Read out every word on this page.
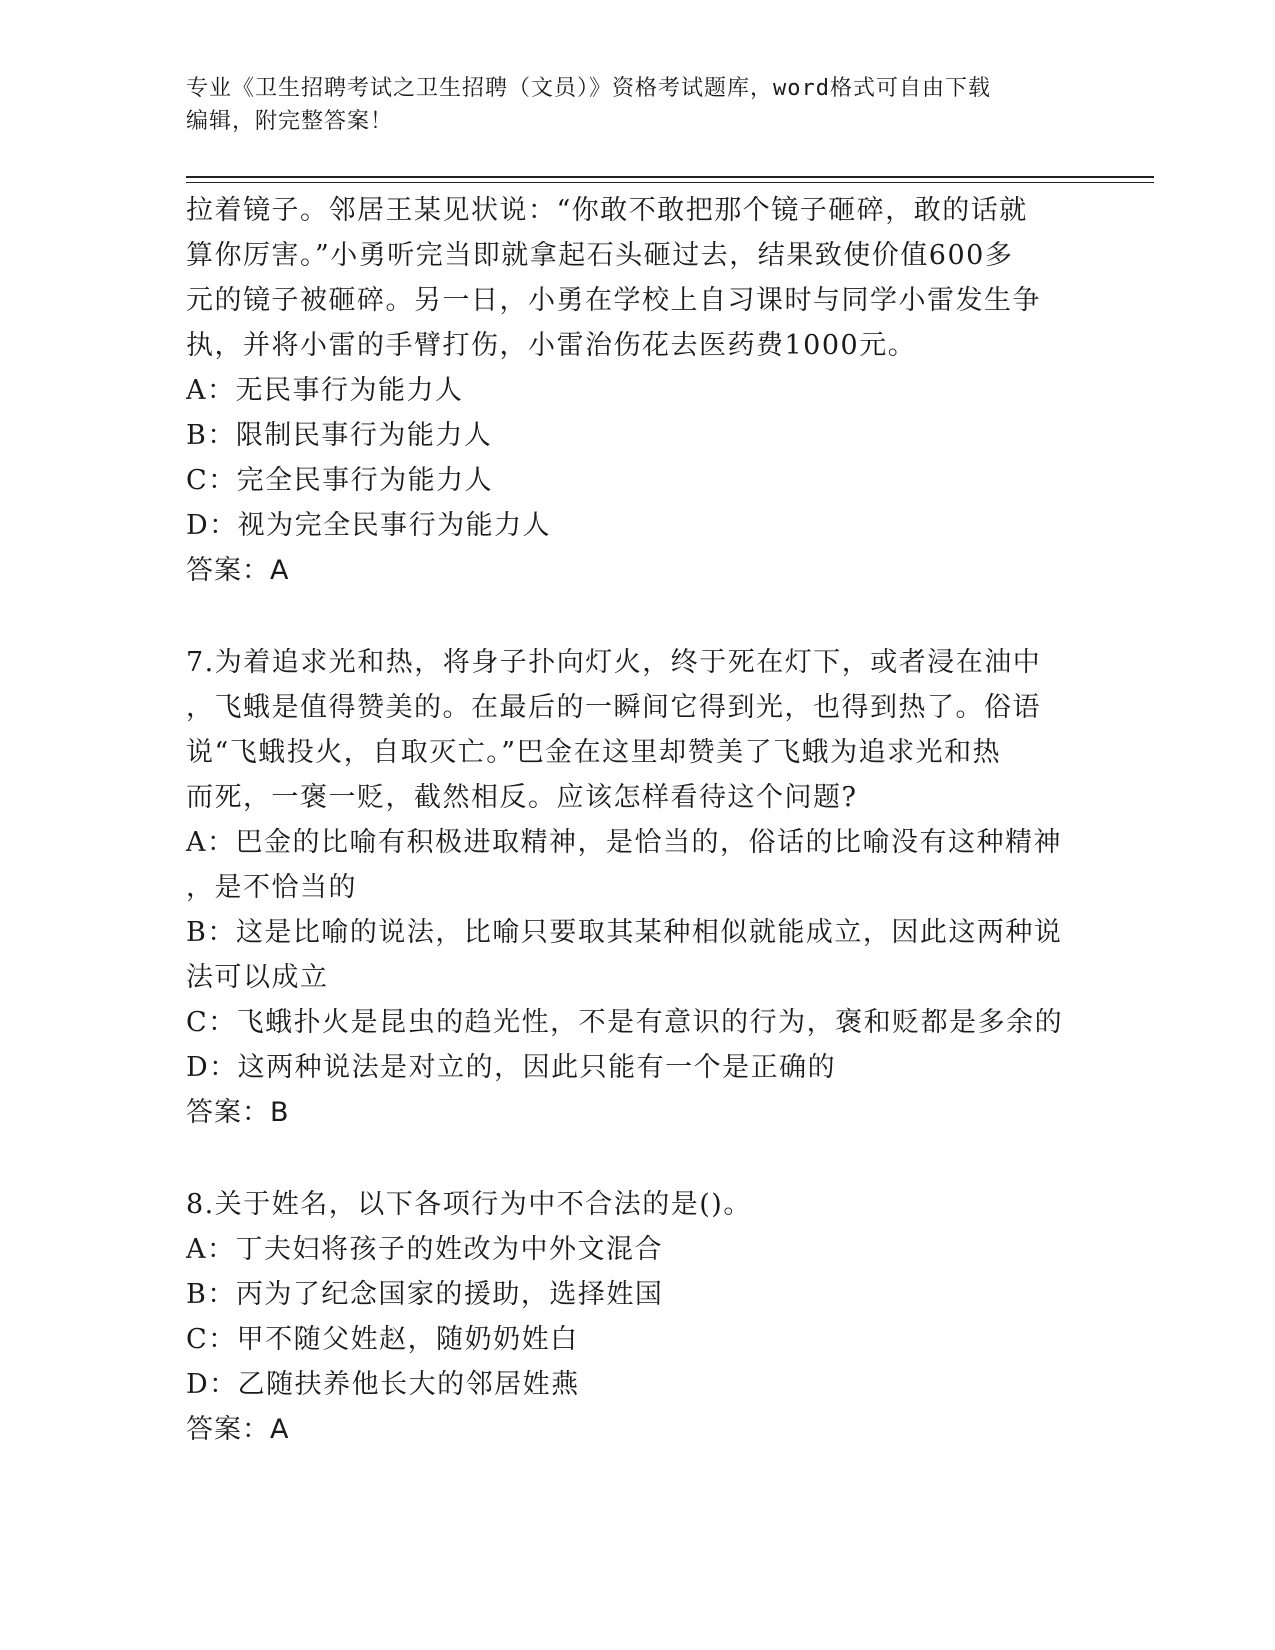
专业《卫生招聘考试之卫生招聘（文员）》资格考试题库，word格式可自由下载
编辑，附完整答案！
拉着镜子。邻居王某见状说：“你敢不敢把那个镜子砸碎，敢的话就
算你厉害。”小勇听完当即就拿起石头砸过去，结果致使价值600多
元的镜子被砸碎。另一日，小勇在学校上自习课时与同学小雷发生争
执，并将小雷的手臂打伤，小雷治伤花去医药费1000元。
A：无民事行为能力人
B：限制民事行为能力人
C：完全民事行为能力人
D：视为完全民事行为能力人
答案：A
7.为着追求光和热，将身子扑向灯火，终于死在灯下，或者浸在油中
，飞蛾是值得赞美的。在最后的一瞬间它得到光，也得到热了。俗语
说“飞蛾投火，自取灭亡。”巴金在这里却赞美了飞蛾为追求光和热
而死，一褒一贬，截然相反。应该怎样看待这个问题?
A：巴金的比喻有积极进取精神，是恰当的，俗话的比喻没有这种精神
，是不恰当的
B：这是比喻的说法，比喻只要取其某种相似就能成立，因此这两种说
法可以成立
C：飞蛾扑火是昆虫的趋光性，不是有意识的行为，褒和贬都是多余的
D：这两种说法是对立的，因此只能有一个是正确的
答案：B
8.关于姓名，以下各项行为中不合法的是()。
A：丁夫妇将孩子的姓改为中外文混合
B：丙为了纪念国家的援助，选择姓国
C：甲不随父姓赵，随奶奶姓白
D：乙随扶养他长大的邻居姓燕
答案：A
